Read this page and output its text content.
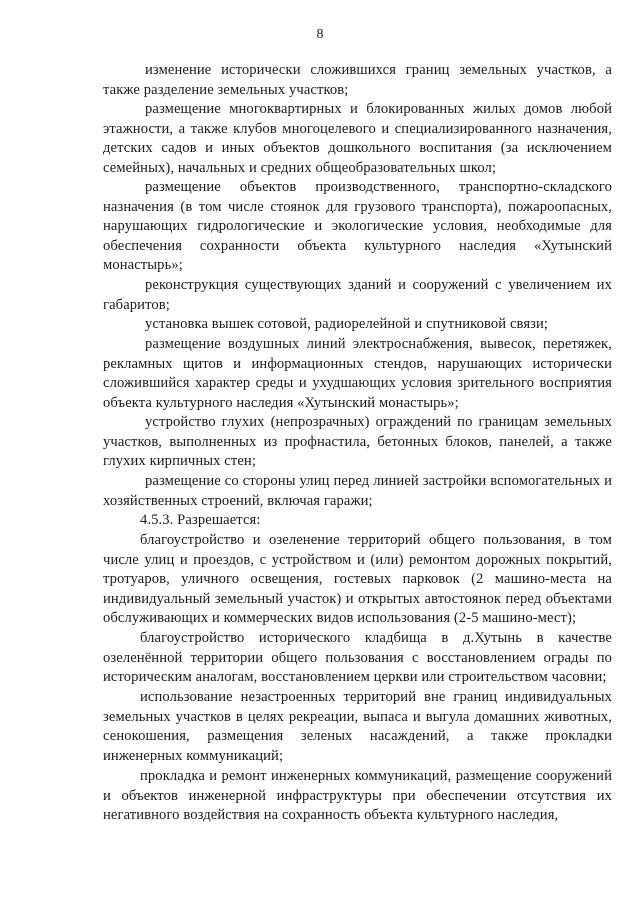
8

изменение исторически сложившихся границ земельных участков, а также разделение земельных участков;

размещение многоквартирных и блокированных жилых домов любой этажности, а также клубов многоцелевого и специализированного назначения, детских садов и иных объектов дошкольного воспитания (за исключением семейных), начальных и средних общеобразовательных школ;

размещение объектов производственного, транспортно-складского назначения (в том числе стоянок для грузового транспорта), пожароопасных, нарушающих гидрологические и экологические условия, необходимые для обеспечения сохранности объекта культурного наследия «Хутынский монастырь»;

реконструкция существующих зданий и сооружений с увеличением их габаритов;

установка вышек сотовой, радиорелейной и спутниковой связи;

размещение воздушных линий электроснабжения, вывесок, перетяжек, рекламных щитов и информационных стендов, нарушающих исторически сложившийся характер среды и ухудшающих условия зрительного восприятия объекта культурного наследия «Хутынский монастырь»;

устройство глухих (непрозрачных) ограждений по границам земельных участков, выполненных из профнастила, бетонных блоков, панелей, а также глухих кирпичных стен;

размещение со стороны улиц перед линией застройки вспомогательных и хозяйственных строений, включая гаражи;

4.5.3. Разрешается:

благоустройство и озеленение территорий общего пользования, в том числе улиц и проездов, с устройством и (или) ремонтом дорожных покрытий, тротуаров, уличного освещения, гостевых парковок (2 машино-места на индивидуальный земельный участок) и открытых автостоянок перед объектами обслуживающих и коммерческих видов использования (2-5 машино-мест);

благоустройство исторического кладбища в д.Хутынь в качестве озеленённой территории общего пользования с восстановлением ограды по историческим аналогам, восстановлением церкви или строительством часовни;

использование незастроенных территорий вне границ индивидуальных земельных участков в целях рекреации, выпаса и выгула домашних животных, сенокошения, размещения зеленых насаждений, а также прокладки инженерных коммуникаций;

прокладка и ремонт инженерных коммуникаций, размещение сооружений и объектов инженерной инфраструктуры при обеспечении отсутствия их негативного воздействия на сохранность объекта культурного наследия,
